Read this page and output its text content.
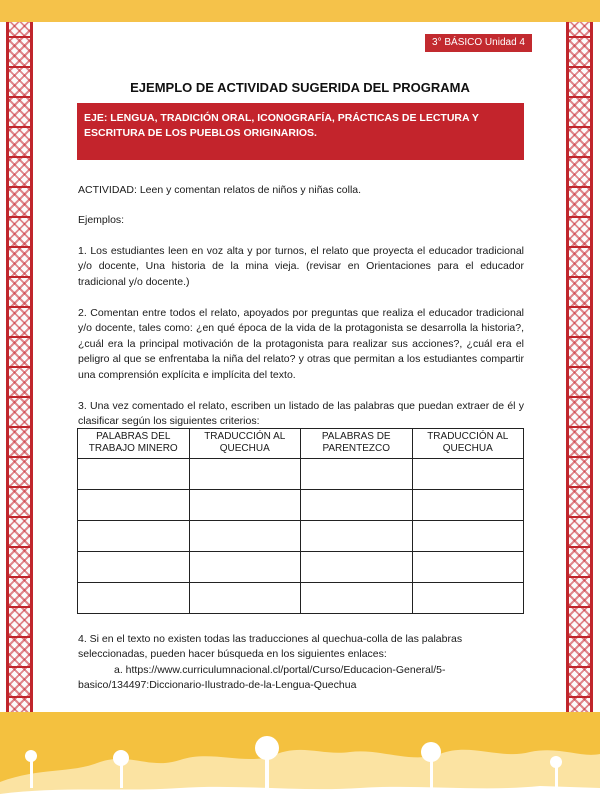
3° BÁSICO Unidad 4
EJEMPLO DE ACTIVIDAD SUGERIDA DEL PROGRAMA
EJE: LENGUA, TRADICIÓN ORAL, ICONOGRAFÍA, PRÁCTICAS DE LECTURA Y ESCRITURA DE LOS PUEBLOS ORIGINARIOS.

ACTIVIDAD: Leen y comentan relatos de niños y niñas colla.

Ejemplos:

1. Los estudiantes leen en voz alta y por turnos, el relato que proyecta el educador tradicional y/o docente, Una historia de la mina vieja. (revisar en Orientaciones para el educador tradicional y/o docente.)

2. Comentan entre todos el relato, apoyados por preguntas que realiza el educador tradicional y/o docente, tales como: ¿en qué época de la vida de la protagonista se desarrolla la historia?, ¿cuál era la principal motivación de la protagonista para realizar sus acciones?, ¿cuál era el peligro al que se enfrentaba la niña del relato? y otras que permitan a los estudiantes compartir una comprensión explícita e implícita del texto.

3. Una vez comentado el relato, escriben un listado de las palabras que puedan extraer de él y clasificar según los siguientes criterios:

PALABRAS DEL TRABAJO MINERO	TRADUCCIÓN AL QUECHUA	PALABRAS DE PARENTEZCO	TRADUCCIÓN AL QUECHUA

4. Si en el texto no existen todas las traducciones al quechua-colla de las palabras seleccionadas, pueden hacer búsqueda en los siguientes enlaces:

a. https://www.curriculumnacional.cl/portal/Curso/Educacion-General/5-

basico/134497:Diccionario-Ilustrado-de-la-Lengua-Quechua
